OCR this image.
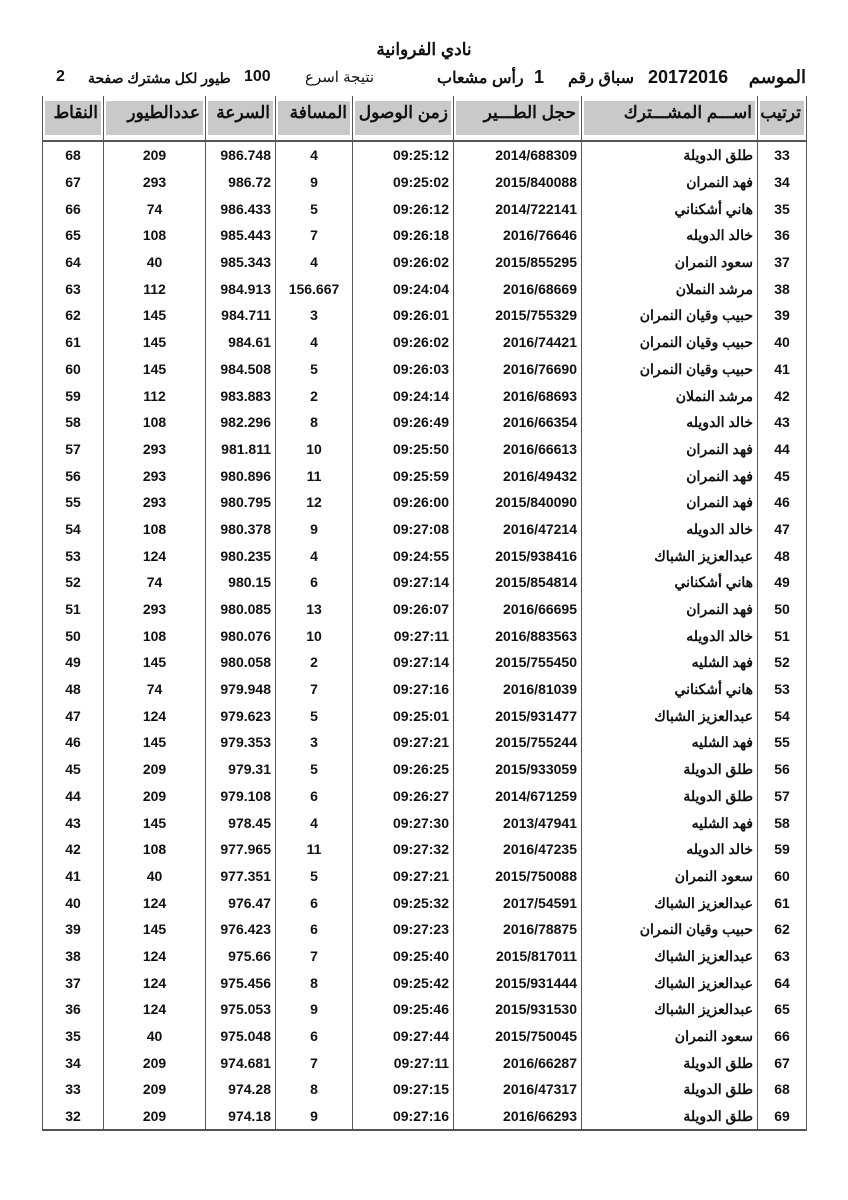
نادي الفروانية
الموسم
20172016
سباق رقم
1
رأس مشعاب
نتيجة اسرع
100
طيور لكل مشترك صفحة
2
النقاط	عددالطيور	السرعة	المسافة	زمن الوصول	حجل الطـــير	اســـم المشـــترك	ترتيب

68	209	986.748	4	09:25:12	2014/688309	طلق الدويلة	33
67	293	986.72	9	09:25:02	2015/840088	فهد النمران	34
66	74	986.433	5	09:26:12	2014/722141	هاني أشكناني	35
65	108	985.443	7	09:26:18	2016/76646	خالد الدويله	36
64	40	985.343	4	09:26:02	2015/855295	سعود النمران	37
63	112	984.913	156.667	09:24:04	2016/68669	مرشد النملان	38
62	145	984.711	3	09:26:01	2015/755329	حبيب وقيان النمران	39
61	145	984.61	4	09:26:02	2016/74421	حبيب وقيان النمران	40
60	145	984.508	5	09:26:03	2016/76690	حبيب وقيان النمران	41
59	112	983.883	2	09:24:14	2016/68693	مرشد النملان	42
58	108	982.296	8	09:26:49	2016/66354	خالد الدويله	43
57	293	981.811	10	09:25:50	2016/66613	فهد النمران	44
56	293	980.896	11	09:25:59	2016/49432	فهد النمران	45
55	293	980.795	12	09:26:00	2015/840090	فهد النمران	46
54	108	980.378	9	09:27:08	2016/47214	خالد الدويله	47
53	124	980.235	4	09:24:55	2015/938416	عبدالعزيز الشباك	48
52	74	980.15	6	09:27:14	2015/854814	هاني أشكناني	49
51	293	980.085	13	09:26:07	2016/66695	فهد النمران	50
50	108	980.076	10	09:27:11	2016/883563	خالد الدويله	51
49	145	980.058	2	09:27:14	2015/755450	فهد الشليه	52
48	74	979.948	7	09:27:16	2016/81039	هاني أشكناني	53
47	124	979.623	5	09:25:01	2015/931477	عبدالعزيز الشباك	54
46	145	979.353	3	09:27:21	2015/755244	فهد الشليه	55
45	209	979.31	5	09:26:25	2015/933059	طلق الدويلة	56
44	209	979.108	6	09:26:27	2014/671259	طلق الدويلة	57
43	145	978.45	4	09:27:30	2013/47941	فهد الشليه	58
42	108	977.965	11	09:27:32	2016/47235	خالد الدويله	59
41	40	977.351	5	09:27:21	2015/750088	سعود النمران	60
40	124	976.47	6	09:25:32	2017/54591	عبدالعزيز الشباك	61
39	145	976.423	6	09:27:23	2016/78875	حبيب وقيان النمران	62
38	124	975.66	7	09:25:40	2015/817011	عبدالعزيز الشباك	63
37	124	975.456	8	09:25:42	2015/931444	عبدالعزيز الشباك	64
36	124	975.053	9	09:25:46	2015/931530	عبدالعزيز الشباك	65
35	40	975.048	6	09:27:44	2015/750045	سعود النمران	66
34	209	974.681	7	09:27:11	2016/66287	طلق الدويلة	67
33	209	974.28	8	09:27:15	2016/47317	طلق الدويلة	68
32	209	974.18	9	09:27:16	2016/66293	طلق الدويلة	69
